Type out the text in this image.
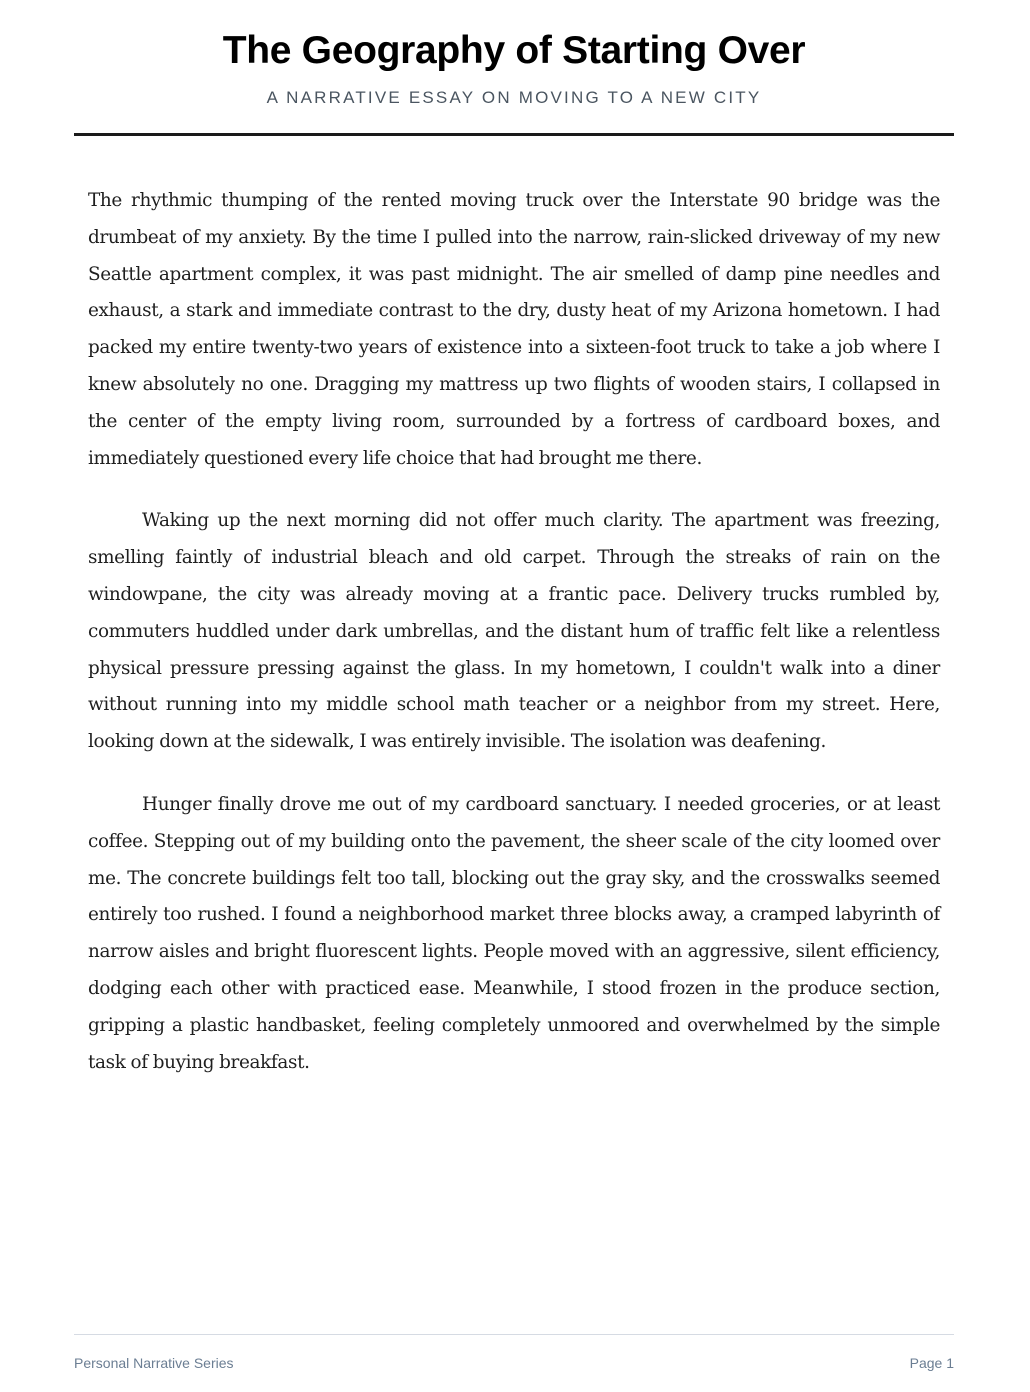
The Geography of Starting Over
A NARRATIVE ESSAY ON MOVING TO A NEW CITY

The rhythmic thumping of the rented moving truck over the Interstate 90 bridge was the drumbeat of my anxiety. By the time I pulled into the narrow, rain-slicked driveway of my new Seattle apartment complex, it was past midnight. The air smelled of damp pine needles and exhaust, a stark and immediate contrast to the dry, dusty heat of my Arizona hometown. I had packed my entire twenty-two years of existence into a sixteen-foot truck to take a job where I knew absolutely no one. Dragging my mattress up two flights of wooden stairs, I collapsed in the center of the empty living room, surrounded by a fortress of cardboard boxes, and immediately questioned every life choice that had brought me there.

Waking up the next morning did not offer much clarity. The apartment was freezing, smelling faintly of industrial bleach and old carpet. Through the streaks of rain on the windowpane, the city was already moving at a frantic pace. Delivery trucks rumbled by, commuters huddled under dark umbrellas, and the distant hum of traffic felt like a relentless physical pressure pressing against the glass. In my hometown, I couldn't walk into a diner without running into my middle school math teacher or a neighbor from my street. Here, looking down at the sidewalk, I was entirely invisible. The isolation was deafening.

Hunger finally drove me out of my cardboard sanctuary. I needed groceries, or at least coffee. Stepping out of my building onto the pavement, the sheer scale of the city loomed over me. The concrete buildings felt too tall, blocking out the gray sky, and the crosswalks seemed entirely too rushed. I found a neighborhood market three blocks away, a cramped labyrinth of narrow aisles and bright fluorescent lights. People moved with an aggressive, silent efficiency, dodging each other with practiced ease. Meanwhile, I stood frozen in the produce section, gripping a plastic handbasket, feeling completely unmoored and overwhelmed by the simple task of buying breakfast.

Personal Narrative Series	Page 1
